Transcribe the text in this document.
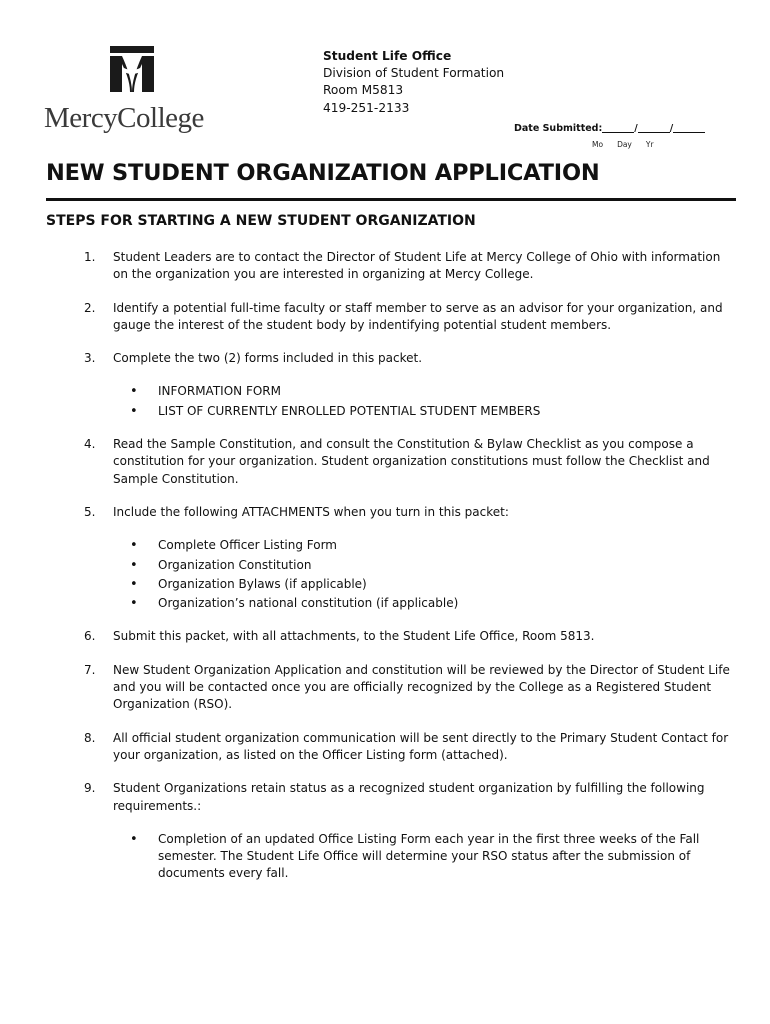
MercyCollege
Student Life Office
Division of Student Formation
Room M5813
419-251-2133
Date Submitted:	/	/
Mo Day Yr
NEW STUDENT ORGANIZATION APPLICATION
STEPS FOR STARTING A NEW STUDENT ORGANIZATION
1.	Student Leaders are to contact the Director of Student Life at Mercy College of Ohio with information on the organization you are interested in organizing at Mercy College.
2.	Identify a potential full-time faculty or staff member to serve as an advisor for your organization, and gauge the interest of the student body by indentifying potential student members.
3.	Complete the two (2) forms included in this packet.
• INFORMATION FORM
• LIST OF CURRENTLY ENROLLED POTENTIAL STUDENT MEMBERS
4.	Read the Sample Constitution, and consult the Constitution & Bylaw Checklist as you compose a constitution for your organization. Student organization constitutions must follow the Checklist and Sample Constitution.
5.	Include the following ATTACHMENTS when you turn in this packet:
• Complete Officer Listing Form
• Organization Constitution
• Organization Bylaws (if applicable)
• Organization’s national constitution (if applicable)
6.	Submit this packet, with all attachments, to the Student Life Office, Room 5813.
7.	New Student Organization Application and constitution will be reviewed by the Director of Student Life and you will be contacted once you are officially recognized by the College as a Registered Student Organization (RSO).
8.	All official student organization communication will be sent directly to the Primary Student Contact for your organization, as listed on the Officer Listing form (attached).
9.	Student Organizations retain status as a recognized student organization by fulfilling the following requirements.:
• Completion of an updated Office Listing Form each year in the first three weeks of the Fall semester. The Student Life Office will determine your RSO status after the submission of documents every fall.
